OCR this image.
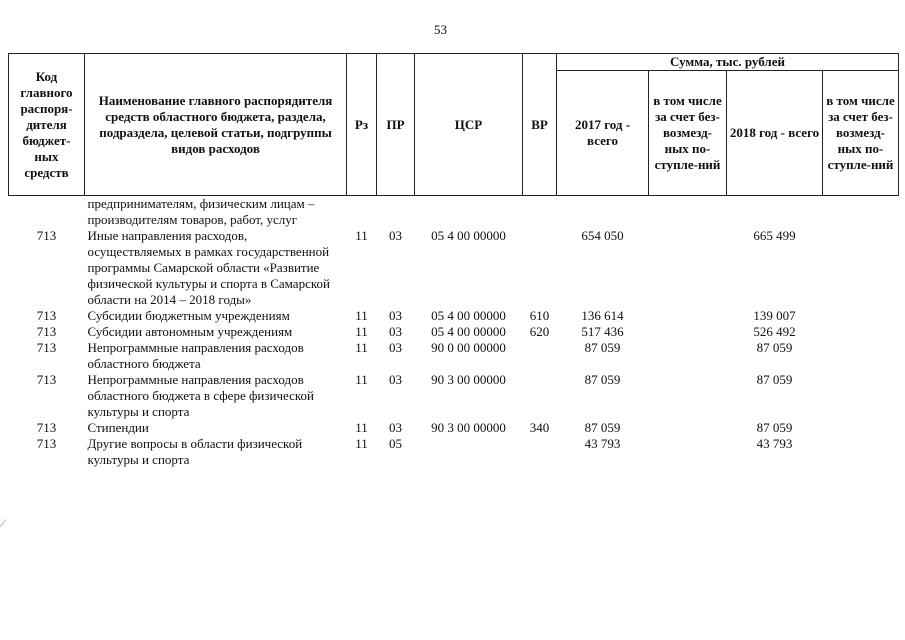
53
Код главного распоря-дителя бюджет-ных средств	Наименование главного распорядителя средств областного бюджета, раздела, подраздела, целевой статьи, подгруппы видов расходов	Рз	ПР	ЦСР	ВР	Сумма, тыс. рублей			
						2017 год - всего	в том числе за счет без-возмезд-ных по-ступле-ний	2018 год - всего	в том числе за счет без-возмезд-ных по-ступле-ний
	предпринимателям, физическим лицам – производителям товаров, работ, услуг								
713	Иные направления расходов, осуществляемых в рамках государственной программы Самарской области «Развитие физической культуры и спорта в Самарской области на 2014 – 2018 годы»	11	03	05 4 00 00000		654 050		665 499	
713	Субсидии бюджетным учреждениям	11	03	05 4 00 00000	610	136 614		139 007	
713	Субсидии автономным учреждениям	11	03	05 4 00 00000	620	517 436		526 492	
713	Непрограммные направления расходов областного бюджета	11	03	90 0 00 00000		87 059		87 059	
713	Непрограммные направления расходов областного бюджета в сфере физической культуры и спорта	11	03	90 3 00 00000		87 059		87 059	
713	Стипендии	11	03	90 3 00 00000	340	87 059		87 059	
713	Другие вопросы в области физической культуры и спорта	11	05			43 793		43 793	
⁄
